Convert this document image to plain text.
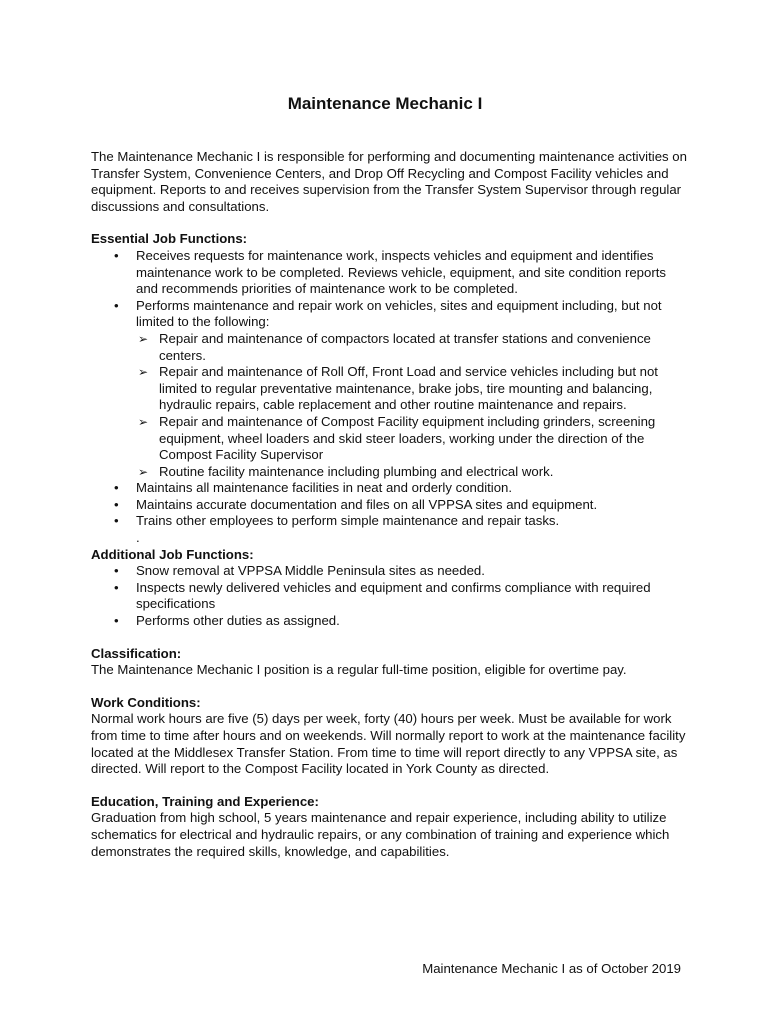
Maintenance Mechanic I

The Maintenance Mechanic I is responsible for performing and documenting maintenance activities on Transfer System, Convenience Centers, and Drop Off Recycling and Compost Facility vehicles and equipment. Reports to and receives supervision from the Transfer System Supervisor through regular discussions and consultations.

Essential Job Functions:

• Receives requests for maintenance work, inspects vehicles and equipment and identifies maintenance work to be completed. Reviews vehicle, equipment, and site condition reports and recommends priorities of maintenance work to be completed.
• Performs maintenance and repair work on vehicles, sites and equipment including, but not limited to the following:
➢ Repair and maintenance of compactors located at transfer stations and convenience centers.
➢ Repair and maintenance of Roll Off, Front Load and service vehicles including but not limited to regular preventative maintenance, brake jobs, tire mounting and balancing, hydraulic repairs, cable replacement and other routine maintenance and repairs.
➢ Repair and maintenance of Compost Facility equipment including grinders, screening equipment, wheel loaders and skid steer loaders, working under the direction of the Compost Facility Supervisor
➢ Routine facility maintenance including plumbing and electrical work.
• Maintains all maintenance facilities in neat and orderly condition.
• Maintains accurate documentation and files on all VPPSA sites and equipment.
• Trains other employees to perform simple maintenance and repair tasks.
.

Additional Job Functions:

• Snow removal at VPPSA Middle Peninsula sites as needed.
• Inspects newly delivered vehicles and equipment and confirms compliance with required specifications
• Performs other duties as assigned.

Classification:

The Maintenance Mechanic I position is a regular full-time position, eligible for overtime pay.

Work Conditions:

Normal work hours are five (5) days per week, forty (40) hours per week. Must be available for work from time to time after hours and on weekends. Will normally report to work at the maintenance facility located at the Middlesex Transfer Station. From time to time will report directly to any VPPSA site, as directed. Will report to the Compost Facility located in York County as directed.

Education, Training and Experience:

Graduation from high school, 5 years maintenance and repair experience, including ability to utilize schematics for electrical and hydraulic repairs, or any combination of training and experience which demonstrates the required skills, knowledge, and capabilities.

Maintenance Mechanic I as of October 2019
